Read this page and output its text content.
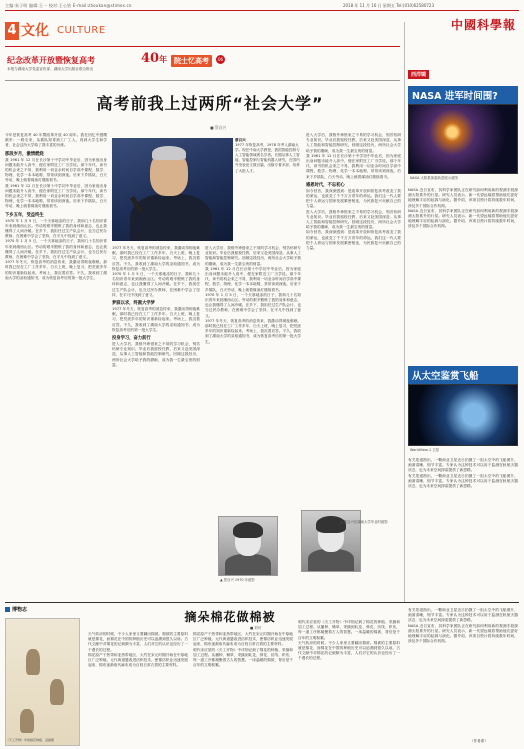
主编:朱子明 编辑:王一 校对:王心怡 E-mail:zhoukan@stimes.cn	2018 年 11 月 16 日 星期五 Tel:(010)62580723
中國科學報
4 文化 CULTURE
纪念改革开放暨恢复高考	40年 院士忆高考	06
本报与湖南大学党委宣传部、湖南大学出版社联合推出
高考前我上过两所“社会大学”
■ 蔡自兴

今年是恢复高考 40 年暨改革开放 40 周年。我在回忆中感慨颇多：一路走来，从插队知青到工厂工人，再到大学生和学者，社会这所大学给了我丰富的历练。

那段岁月，激情燃烧

我 1961 年 12 月在长沙第十中学初中毕业后，因为家庭出身问题未能升入高中，便在家附近工厂当学徒。那个年代，读书的机会来之不易，我利用一切业余时间自学高中课程，数学、物理、化学一本本地啃，常常读到深夜。后来下乡插队，白天劳动，晚上就着煤油灯继续看书。

我 1961 年 12 月在长沙第十中学初中毕业后，因为家庭出身问题未能升入高中，便在家附近工厂当学徒。那个年代，读书的机会来之不易，我利用一切业余时间自学高中课程，数学、物理、化学一本本地啃，常常读到深夜。后来下乡插队，白天劳动，晚上就着煤油灯继续看书。

下乡五年，受益终生

1970 年 1 月 5 日，一个天寒地冻的日子，我和几十名知识青年来到湘西山区。劳动的艰辛锻炼了我的身体和意志，也让我懂得了人间冷暖。在乡下，我担任过生产队会计，也当过民办教师，在困难中学会了坚持，在平凡中找到了意义。

1970 年 1 月 5 日，一个天寒地冻的日子，我和几十名知识青年来到湘西山区。劳动的艰辛锻炼了我的身体和意志，也让我懂得了人间冷暖。在乡下，我担任过生产队会计，也当过民办教师，在困难中学会了坚持，在平凡中找到了意义。

1977 年冬天，恢复高考的消息传来，我激动得彻夜难眠。那时我已经在工厂工作多年，白天上班，晚上复习，把荒废多年的知识重新捡起来。考场上，我沉着应答。不久，我收到了湖南大学的录取通知书，成为恢复高考后的第一批大学生。

蔡自兴

1977 年恢复高考，1978 年考入湖南大学。现任中南大学教授，我国智能控制与人工智能领域著名学者。长期从事人工智能、智能控制与智能机器人研究，在国内外发表论文数百篇，出版专著多部，培养了大批人才。

1977 年冬天，恢复高考的消息传来，我激动得彻夜难眠。那时我已经在工厂工作多年，白天上班，晚上复习，把荒废多年的知识重新捡起来。考场上，我沉着应答。不久，我收到了湖南大学的录取通知书，成为恢复高考后的第一批大学生。

1970 年 1 月 5 日，一个天寒地冻的日子，我和几十名知识青年来到湘西山区。劳动的艰辛锻炼了我的身体和意志，也让我懂得了人间冷暖。在乡下，我担任过生产队会计，也当过民办教师，在困难中学会了坚持，在平凡中找到了意义。

梦寐以求，终圆大学梦

1977 年冬天，恢复高考的消息传来，我激动得彻夜难眠。那时我已经在工厂工作多年，白天上班，晚上复习，把荒废多年的知识重新捡起来。考场上，我沉着应答。不久，我收到了湖南大学的录取通知书，成为恢复高考后的第一批大学生。

投身学习，奋力前行

进入大学后，我格外珍惜来之不易的学习机会，刻苦钻研专业知识。毕业后我留校任教，后来又赴美国深造，从事人工智能和智能控制研究。回顾这段经历，两所社会大学给予我的磨砺，成为我一生最宝贵的财富。

进入大学后，我格外珍惜来之不易的学习机会，刻苦钻研专业知识。毕业后我留校任教，后来又赴美国深造，从事人工智能和智能控制研究。回顾这段经历，两所社会大学给予我的磨砺，成为我一生最宝贵的财富。

我 1961 年 12 月在长沙第十中学初中毕业后，因为家庭出身问题未能升入高中，便在家附近工厂当学徒。那个年代，读书的机会来之不易，我利用一切业余时间自学高中课程，数学、物理、化学一本本地啃，常常读到深夜。后来下乡插队，白天劳动，晚上就着煤油灯继续看书。

1970 年 1 月 5 日，一个天寒地冻的日子，我和几十名知识青年来到湘西山区。劳动的艰辛锻炼了我的身体和意志，也让我懂得了人间冷暖。在乡下，我担任过生产队会计，也当过民办教师，在困难中学会了坚持，在平凡中找到了意义。

1977 年冬天，恢复高考的消息传来，我激动得彻夜难眠。那时我已经在工厂工作多年，白天上班，晚上复习，把荒废多年的知识重新捡起来。考场上，我沉着应答。不久，我收到了湖南大学的录取通知书，成为恢复高考后的第一批大学生。

进入大学后，我格外珍惜来之不易的学习机会，刻苦钻研专业知识。毕业后我留校任教，后来又赴美国深造，从事人工智能和智能控制研究。回顾这段经历，两所社会大学给予我的磨砺，成为我一生最宝贵的财富。

我 1961 年 12 月在长沙第十中学初中毕业后，因为家庭出身问题未能升入高中，便在家附近工厂当学徒。那个年代，读书的机会来之不易，我利用一切业余时间自学高中课程，数学、物理、化学一本本地啃，常常读到深夜。后来下乡插队，白天劳动，晚上就着煤油灯继续看书。

感恩时代，不忘初心

如今回首，我深深感到：是改革开放和恢复高考改变了我的命运，也改变了千千万万青年的命运。我们这一代人要把个人命运与国家发展紧密相连，为民族复兴贡献自己的力量。

进入大学后，我格外珍惜来之不易的学习机会，刻苦钻研专业知识。毕业后我留校任教，后来又赴美国深造，从事人工智能和智能控制研究。回顾这段经历，两所社会大学给予我的磨砺，成为我一生最宝贵的财富。

如今回首，我深深感到：是改革开放和恢复高考改变了我的命运，也改变了千千万万青年的命运。我们这一代人要把个人命运与国家发展紧密相连，为民族复兴贡献自己的力量。

▲ 蔡自兴 1970 年留影
▲ 蔡自兴在湖南大学毕业时留影
西洋镜
NASA 进军时间围?
NASA 太阳系探索新进展示意图

NASA 近日宣布，其科学家团队正在研究如何利用新的观测手段探测太阳系外的行星。研究人员表示，新一代望远镜将帮助他们更好地理解宇宙的起源与演化。据介绍，该项目预计将持续数年时间，涉及多个国际合作机构。

NASA 近日宣布，其科学家团队正在研究如何利用新的观测手段探测太阳系外的行星。研究人员表示，新一代望远镜将帮助他们更好地理解宇宙的起源与演化。据介绍，该项目预计将持续数年时间，涉及多个国际合作机构。

从太空鉴赏飞船
WorldView-1 卫星

有关报道指出，一颗商业卫星近日拍摄了一组太空中的飞船照片，画面清晰，细节丰富。专家认为这种技术可以用于监测在轨航天器状态，也为未来空间探索提供了新思路。

有关报道指出，一颗商业卫星近日拍摄了一组太空中的飞船照片，画面清晰，细节丰富。专家认为这种技术可以用于监测在轨航天器状态，也为未来空间探索提供了新思路。

博物志	摘朵棉花做棉被
■ 刘可
《天工开物》中的棉花种植、采摘图

天气转凉的时候，不少人家里又要翻出棉被。棉被的主要原料就是棉花，而棉花在中国的种植历史可以追溯到很久以前。古代文献中对棉花的记载颇为丰富，人们对它的认识也经历了一个漫长的过程。

棉花原产于热带和亚热带地区，大约在宋元时期开始在中原地区广泛种植。元代黄道婆改进纺织技术，使棉纺织业迅速发展起来，棉布逐渐取代麻布成为百姓日常衣着的主要材料。

棉花原产于热带和亚热带地区，大约在宋元时期开始在中原地区广泛种植。元代黄道婆改进纺织技术，使棉纺织业迅速发展起来，棉布逐渐取代麻布成为百姓日常衣着的主要材料。

明代宋应星的《天工开物》中详细记载了棉花的种植、采摘和加工过程。从播种、锄草、采摘到轧花、弹花、纺线、织布，每一道工序都凝聚着古人的智慧。一床温暖的棉被，背后是千百年的文明积累。

明代宋应星的《天工开物》中详细记载了棉花的种植、采摘和加工过程。从播种、锄草、采摘到轧花、弹花、纺线、织布，每一道工序都凝聚着古人的智慧。一床温暖的棉被，背后是千百年的文明积累。

天气转凉的时候，不少人家里又要翻出棉被。棉被的主要原料就是棉花，而棉花在中国的种植历史可以追溯到很久以前。古代文献中对棉花的记载颇为丰富，人们对它的认识也经历了一个漫长的过程。

有关报道指出，一颗商业卫星近日拍摄了一组太空中的飞船照片，画面清晰，细节丰富。专家认为这种技术可以用于监测在轨航天器状态，也为未来空间探索提供了新思路。

NASA 近日宣布，其科学家团队正在研究如何利用新的观测手段探测太阳系外的行星。研究人员表示，新一代望远镜将帮助他们更好地理解宇宙的起源与演化。据介绍，该项目预计将持续数年时间，涉及多个国际合作机构。

（作者系）
